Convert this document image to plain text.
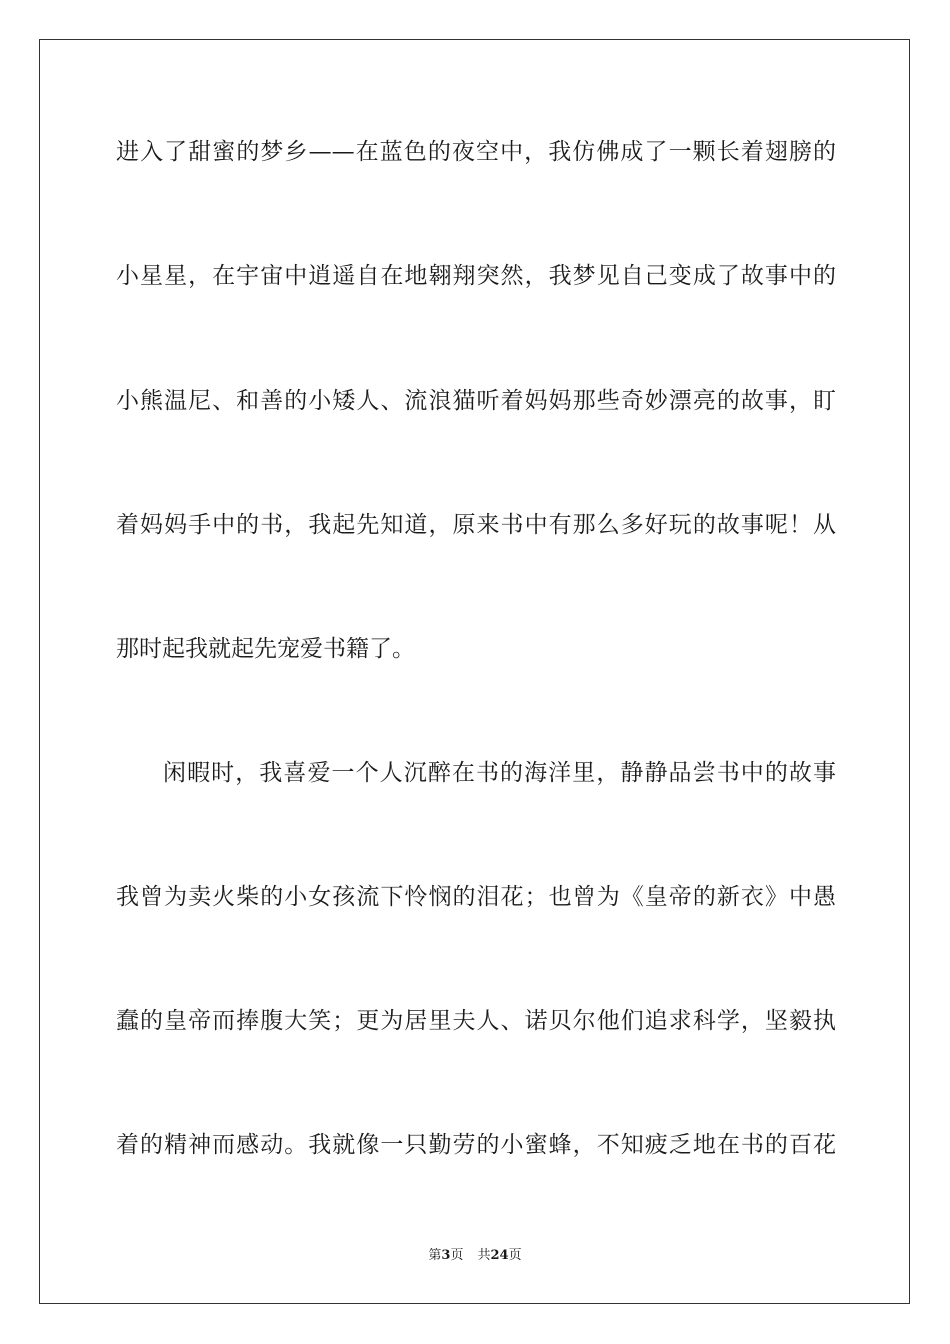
进入了甜蜜的梦乡——在蓝色的夜空中，我仿佛成了一颗长着翅膀的
小星星，在宇宙中逍遥自在地翱翔突然，我梦见自己变成了故事中的
小熊温尼、和善的小矮人、流浪猫听着妈妈那些奇妙漂亮的故事，盯
着妈妈手中的书，我起先知道，原来书中有那么多好玩的故事呢！从
那时起我就起先宠爱书籍了。
闲暇时，我喜爱一个人沉醉在书的海洋里，静静品尝书中的故事
我曾为卖火柴的小女孩流下怜悯的泪花；也曾为《皇帝的新衣》中愚
蠢的皇帝而捧腹大笑；更为居里夫人、诺贝尔他们追求科学，坚毅执
着的精神而感动。我就像一只勤劳的小蜜蜂，不知疲乏地在书的百花
第3页 共24页
